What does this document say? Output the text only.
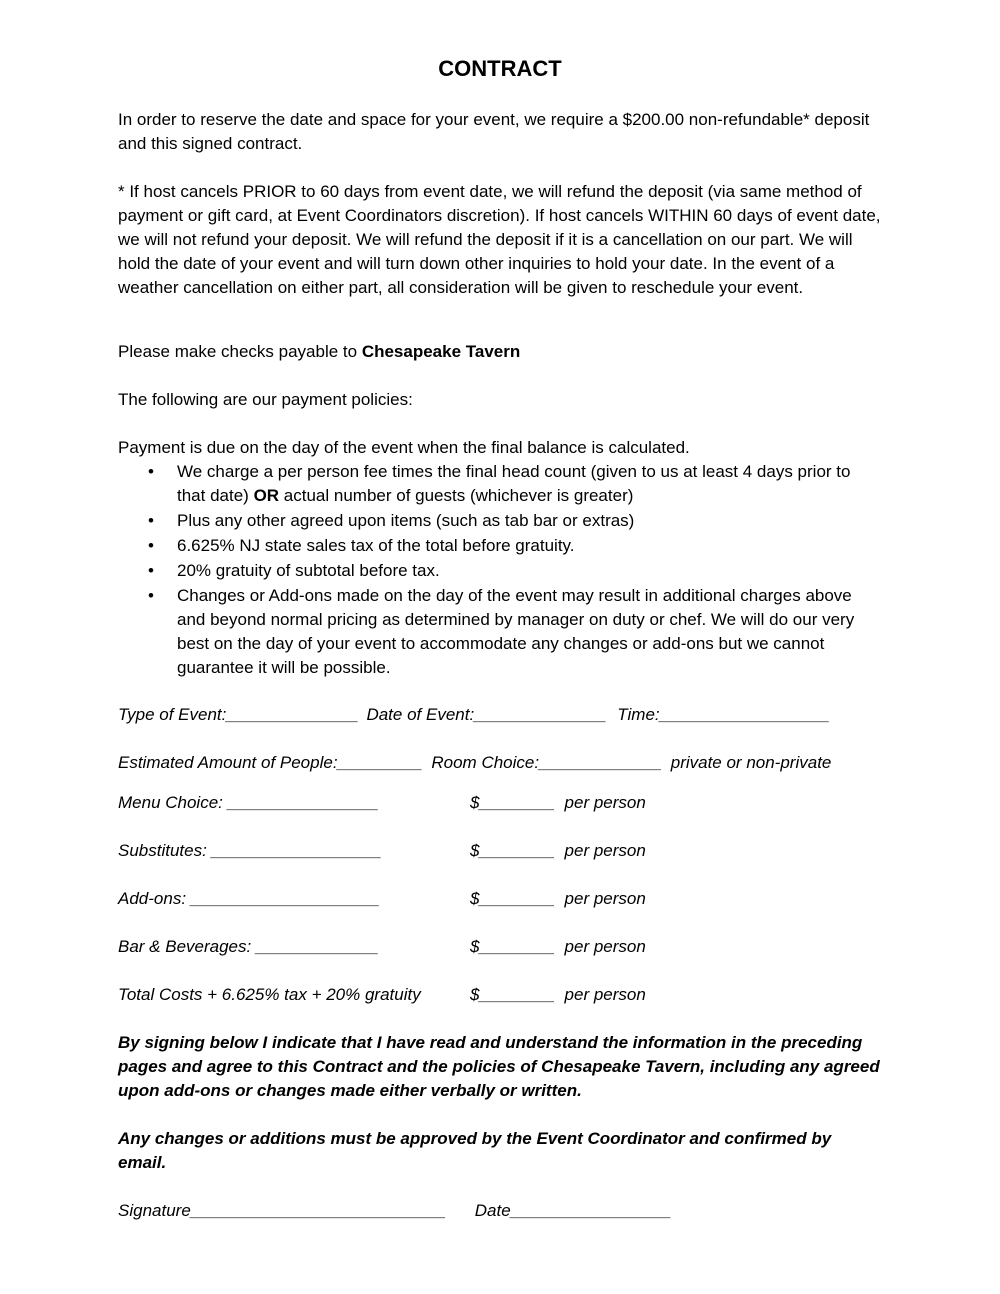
CONTRACT

In order to reserve the date and space for your event, we require a $200.00 non-refundable* deposit and this signed contract.

* If host cancels PRIOR to 60 days from event date, we will refund the deposit (via same method of payment or gift card, at Event Coordinators discretion). If host cancels WITHIN 60 days of event date, we will not refund your deposit. We will refund the deposit if it is a cancellation on our part. We will hold the date of your event and will turn down other inquiries to hold your date. In the event of a weather cancellation on either part, all consideration will be given to reschedule your event.

Please make checks payable to Chesapeake Tavern

The following are our payment policies:

Payment is due on the day of the event when the final balance is calculated.

• We charge a per person fee times the final head count (given to us at least 4 days prior to that date) OR actual number of guests (whichever is greater)
• Plus any other agreed upon items (such as tab bar or extras)
• 6.625% NJ state sales tax of the total before gratuity.
• 20% gratuity of subtotal before tax.
• Changes or Add-ons made on the day of the event may result in additional charges above and beyond normal pricing as determined by manager on duty or chef. We will do our very best on the day of your event to accommodate any changes or add-ons but we cannot guarantee it will be possible.
Type of Event:______________ Date of Event:______________ Time:__________________
Estimated Amount of People:_________ Room Choice:_____________ private or non-private
Menu Choice: ________________	$________  per person
Substitutes: __________________	$________  per person
Add-ons: ____________________	$________  per person
Bar & Beverages: _____________	$________  per person
Total Costs + 6.625% tax + 20% gratuity	$________  per person

By signing below I indicate that I have read and understand the information in the preceding pages and agree to this Contract and the policies of Chesapeake Tavern, including any agreed upon add-ons or changes made either verbally or written.

Any changes or additions must be approved by the Event Coordinator and confirmed by email.

Signature___________________________ Date_________________
